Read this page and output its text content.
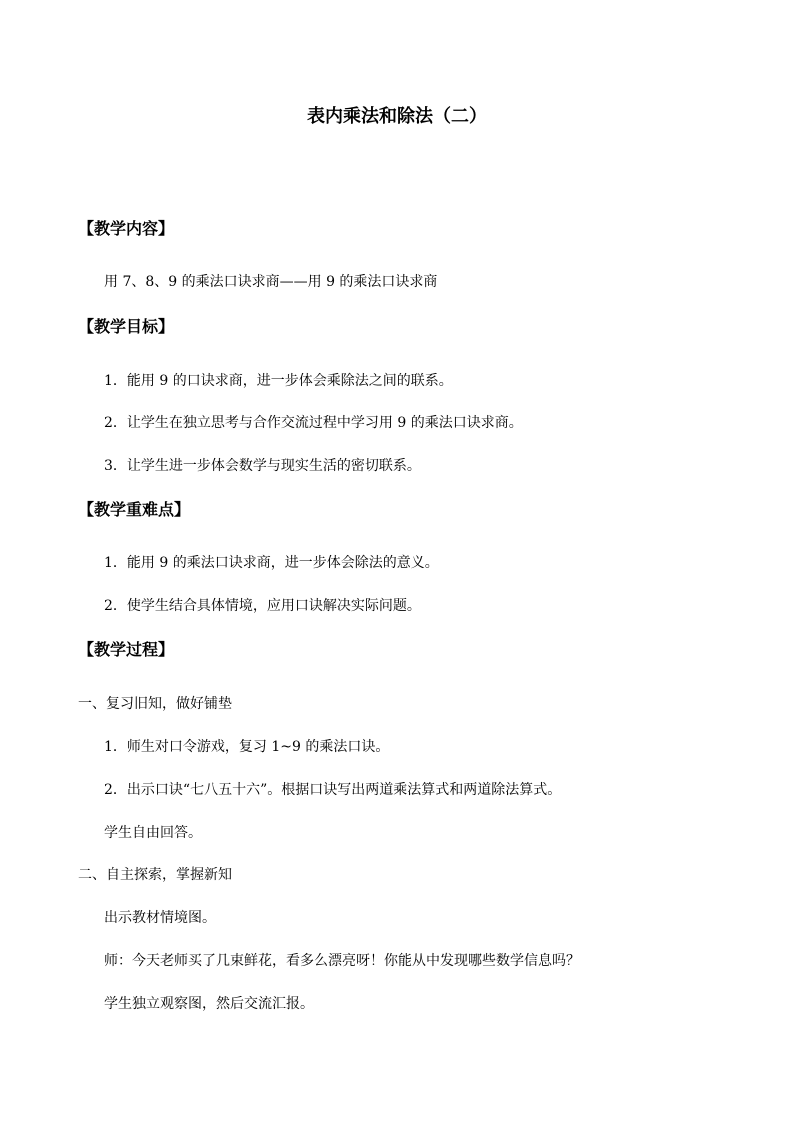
表内乘法和除法（二）
【教学内容】
用 7、8、9 的乘法口诀求商——用 9 的乘法口诀求商
【教学目标】
1．能用 9 的口诀求商，进一步体会乘除法之间的联系。
2．让学生在独立思考与合作交流过程中学习用 9 的乘法口诀求商。
3．让学生进一步体会数学与现实生活的密切联系。
【教学重难点】
1．能用 9 的乘法口诀求商，进一步体会除法的意义。
2．使学生结合具体情境，应用口诀解决实际问题。
【教学过程】
一、复习旧知，做好铺垫
1．师生对口令游戏，复习 1~9 的乘法口诀。
2．出示口诀“七八五十六”。根据口诀写出两道乘法算式和两道除法算式。
学生自由回答。
二、自主探索，掌握新知
出示教材情境图。
师：今天老师买了几束鲜花，看多么漂亮呀！你能从中发现哪些数学信息吗？
学生独立观察图，然后交流汇报。
